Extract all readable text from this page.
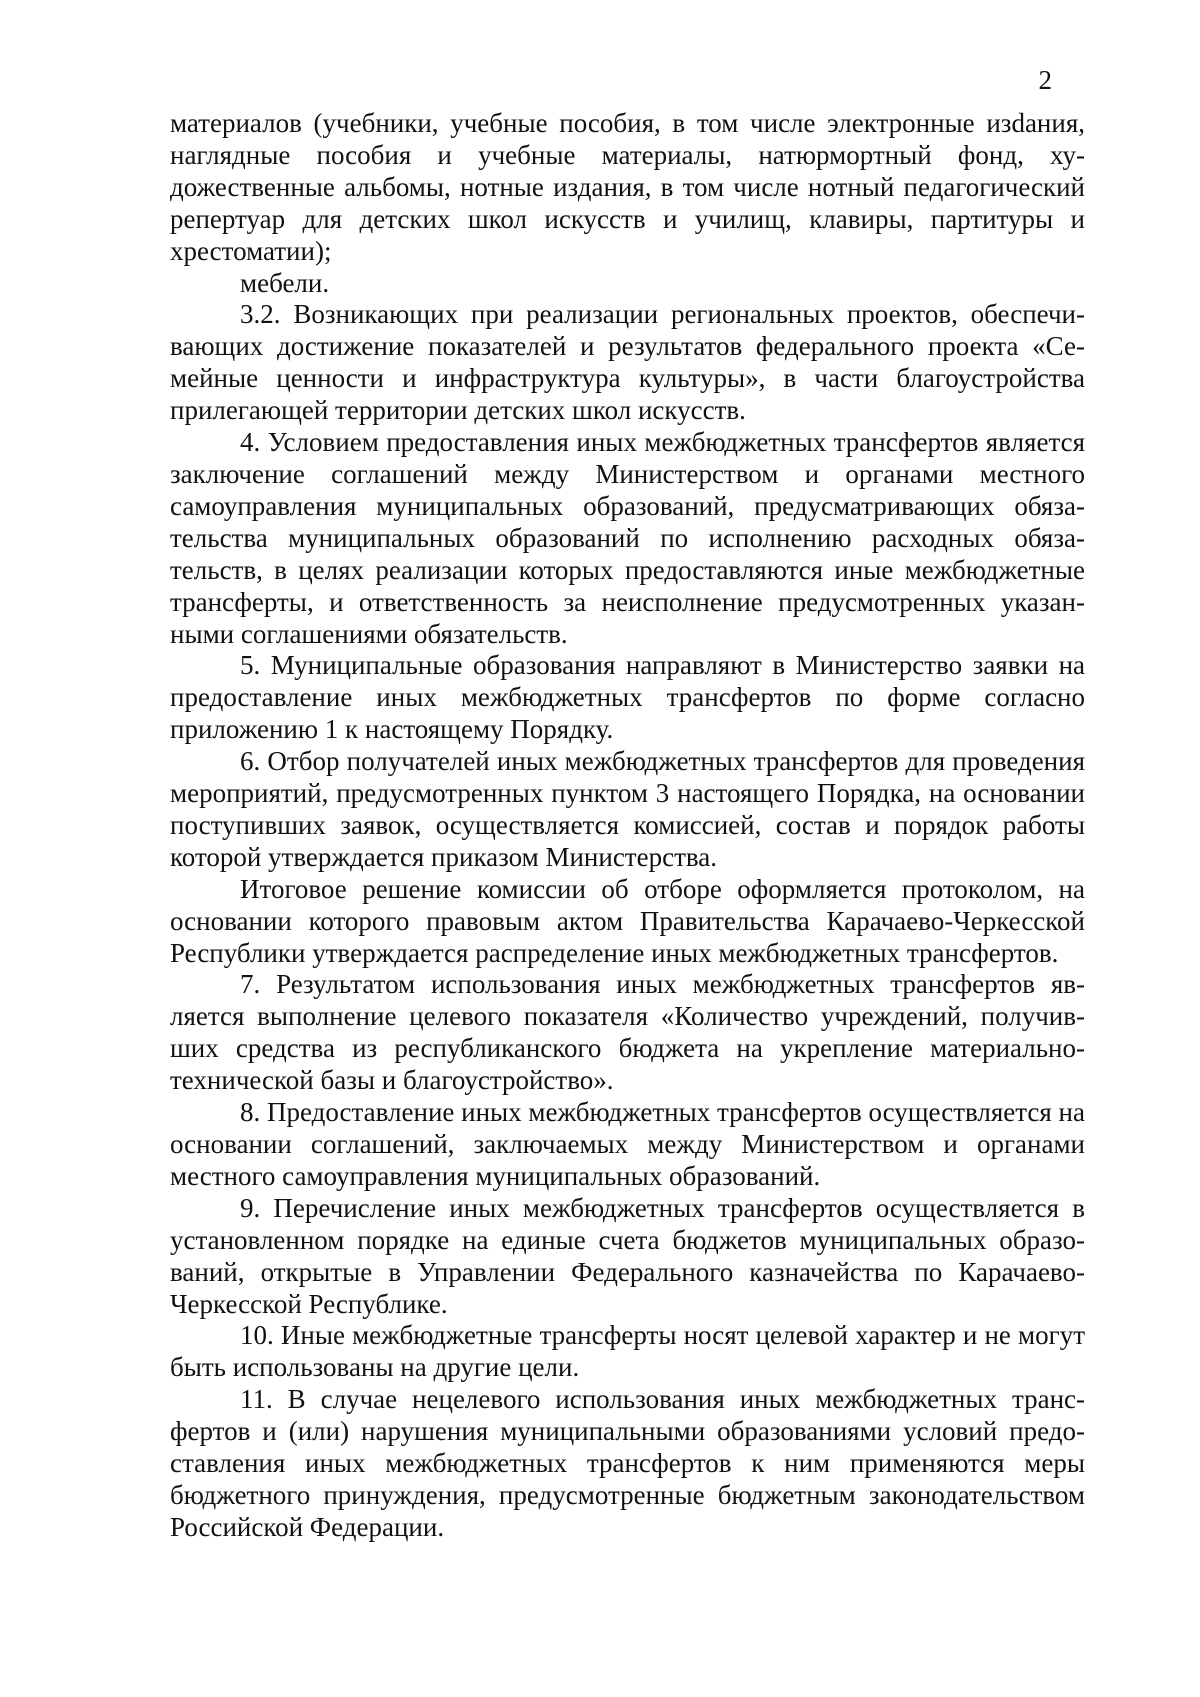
2

материалов (учебники, учебные пособия, в том числе электронные изdания, наглядные пособия и учебные материалы, натюрмортный фонд, художественные альбомы, нотные издания, в том числе нотный педагогический репертуар для детских школ искусств и училищ, клавиры, партитуры и хрестоматии);

мебели.

3.2. Возникающих при реализации региональных проектов, обеспечивающих достижение показателей и результатов федерального проекта «Семейные ценности и инфраструктура культуры», в части благоустройства прилегающей территории детских школ искусств.

4. Условием предоставления иных межбюджетных трансфертов является заключение соглашений между Министерством и органами местного самоуправления муниципальных образований, предусматривающих обязательства муниципальных образований по исполнению расходных обязательств, в целях реализации которых предоставляются иные межбюджетные трансферты, и ответственность за неисполнение предусмотренных указанными соглашениями обязательств.

5. Муниципальные образования направляют в Министерство заявки на предоставление иных межбюджетных трансфертов по форме согласно приложению 1 к настоящему Порядку.

6. Отбор получателей иных межбюджетных трансфертов для проведения мероприятий, предусмотренных пунктом 3 настоящего Порядка, на основании поступивших заявок, осуществляется комиссией, состав и порядок работы которой утверждается приказом Министерства.

Итоговое решение комиссии об отборе оформляется протоколом, на основании которого правовым актом Правительства Карачаево-Черкесской Республики утверждается распределение иных межбюджетных трансфертов.

7. Результатом использования иных межбюджетных трансфертов является выполнение целевого показателя «Количество учреждений, получивших средства из республиканского бюджета на укрепление материально-технической базы и благоустройство».

8. Предоставление иных межбюджетных трансфертов осуществляется на основании соглашений, заключаемых между Министерством и органами местного самоуправления муниципальных образований.

9. Перечисление иных межбюджетных трансфертов осуществляется в установленном порядке на единые счета бюджетов муниципальных образований, открытые в Управлении Федерального казначейства по Карачаево-Черкесской Республике.

10. Иные межбюджетные трансферты носят целевой характер и не могут быть использованы на другие цели.

11. В случае нецелевого использования иных межбюджетных трансфертов и (или) нарушения муниципальными образованиями условий предоставления иных межбюджетных трансфертов к ним применяются меры бюджетного принуждения, предусмотренные бюджетным законодательством Российской Федерации.
